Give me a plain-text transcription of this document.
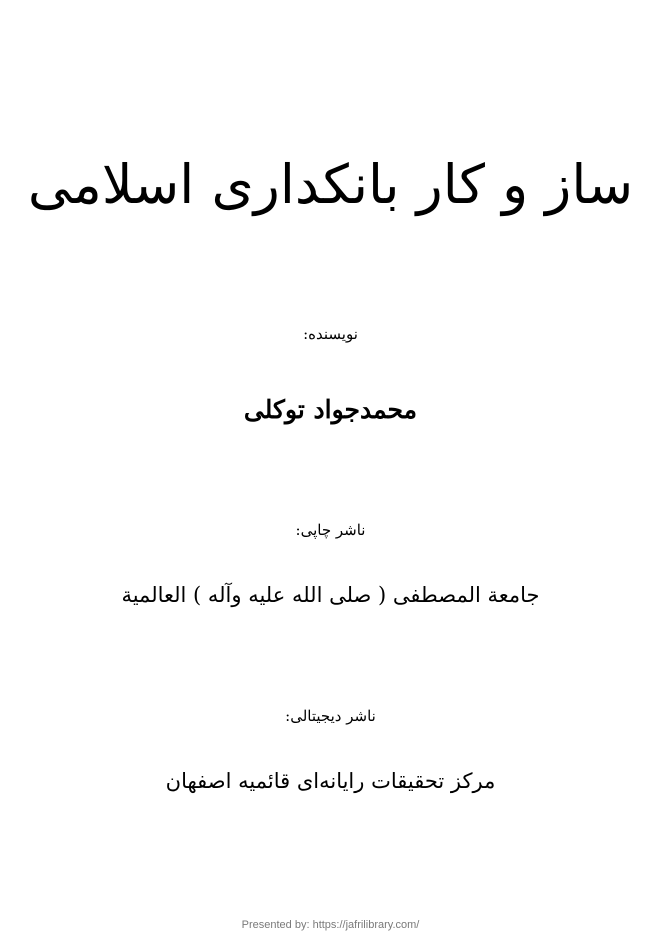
ساز و کار بانکداری اسلامی
نویسنده:
محمدجواد توکلی
ناشر چاپی:
جامعة المصطفی ( صلی الله علیه وآله ) العالمیة
ناشر دیجیتالی:
مرکز تحقیقات رایانه‌ای قائمیه اصفهان
Presented by: https://jafrilibrary.com/
